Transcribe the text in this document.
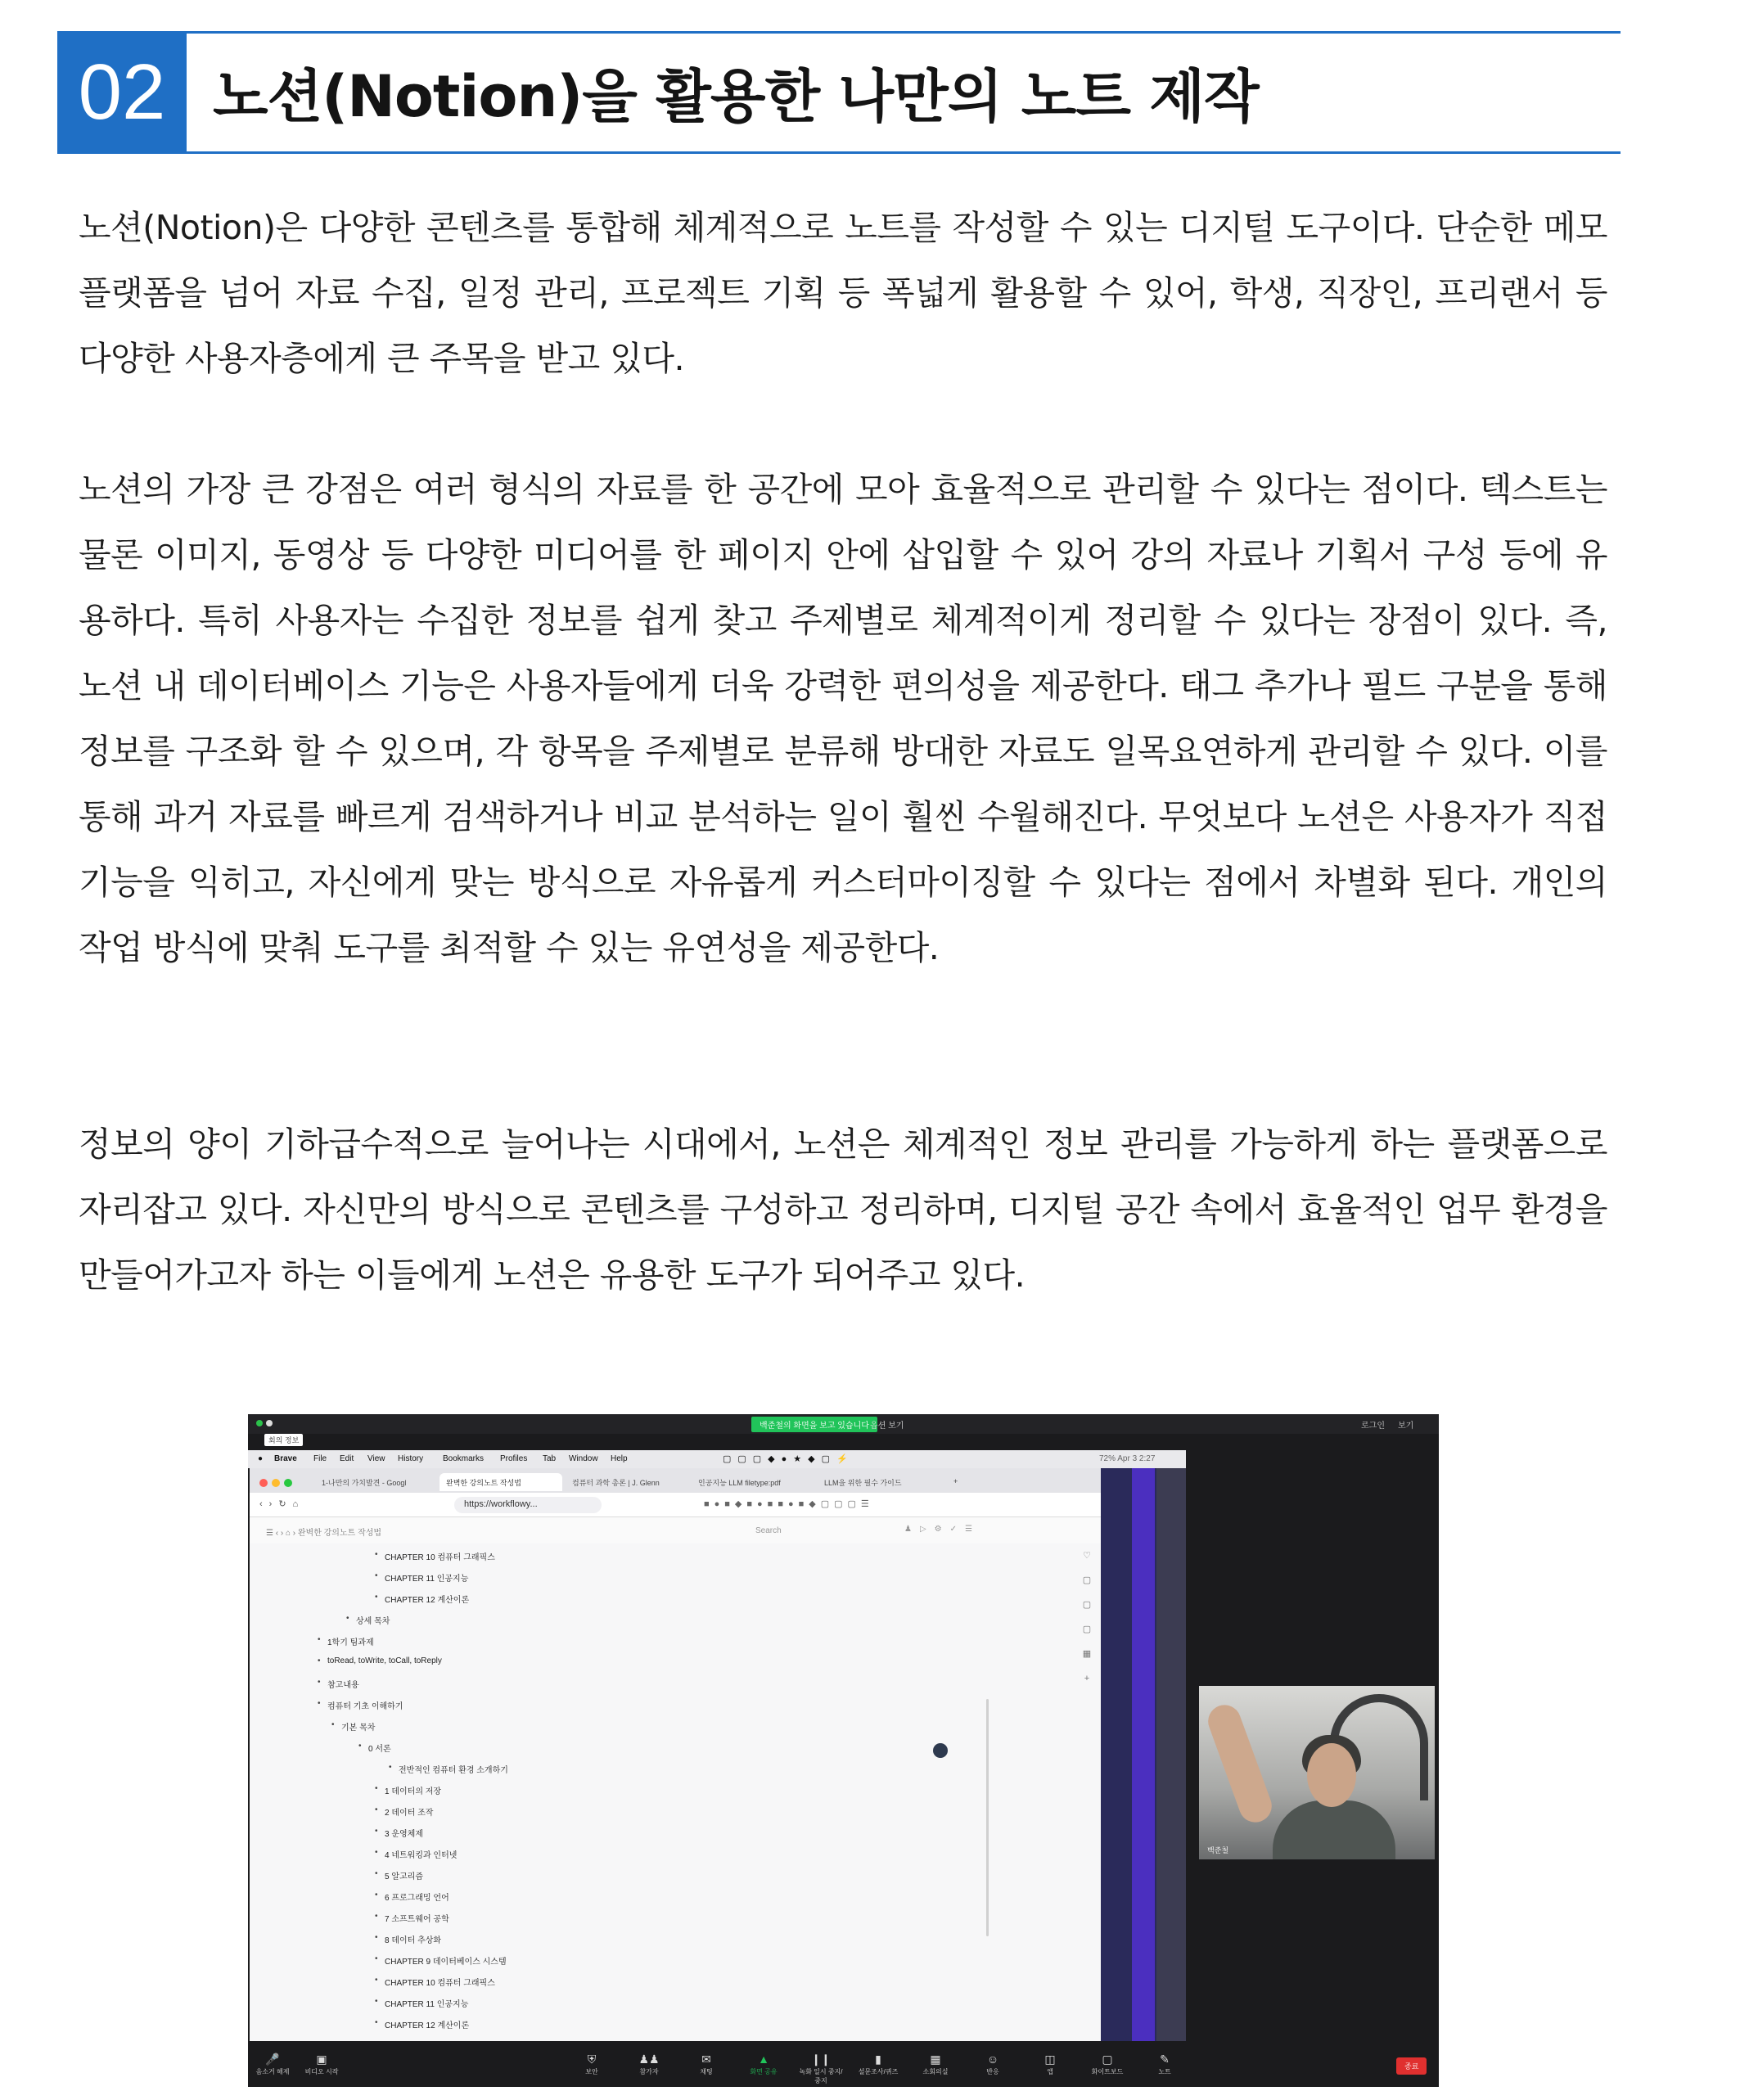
02 노션(Notion)을 활용한 나만의 노트 제작

노션(Notion)은 다양한 콘텐츠를 통합해 체계적으로 노트를 작성할 수 있는 디지털 도구이다. 단순한 메모 플랫폼을 넘어 자료 수집, 일정 관리, 프로젝트 기획 등 폭넓게 활용할 수 있어, 학생, 직장인, 프리랜서 등 다양한 사용자층에게 큰 주목을 받고 있다.

노션의 가장 큰 강점은 여러 형식의 자료를 한 공간에 모아 효율적으로 관리할 수 있다는 점이다. 텍스트는 물론 이미지, 동영상 등 다양한 미디어를 한 페이지 안에 삽입할 수 있어 강의 자료나 기획서 구성 등에 유용하다. 특히 사용자는 수집한 정보를 쉽게 찾고 주제별로 체계적이게 정리할 수 있다는 장점이 있다. 즉, 노션 내 데이터베이스 기능은 사용자들에게 더욱 강력한 편의성을 제공한다. 태그 추가나 필드 구분을 통해 정보를 구조화 할 수 있으며, 각 항목을 주제별로 분류해 방대한 자료도 일목요연하게 관리할 수 있다. 이를 통해 과거 자료를 빠르게 검색하거나 비교 분석하는 일이 훨씬 수월해진다. 무엇보다 노션은 사용자가 직접 기능을 익히고, 자신에게 맞는 방식으로 자유롭게 커스터마이징할 수 있다는 점에서 차별화 된다. 개인의 작업 방식에 맞춰 도구를 최적할 수 있는 유연성을 제공한다.

정보의 양이 기하급수적으로 늘어나는 시대에서, 노션은 체계적인 정보 관리를 가능하게 하는 플랫폼으로 자리잡고 있다. 자신만의 방식으로 콘텐츠를 구성하고 정리하며, 디지털 공간 속에서 효율적인 업무 환경을 만들어가고자 하는 이들에게 노션은 유용한 도구가 되어주고 있다.

백준철의 화면을 보고 있습니다 옵션 보기	로그인 보기
회의 정보
● Brave File Edit View History Bookmarks Profiles Tab Window Help	▢▢▢◆●★◆▢⚡	72% Apr 3 2:27
1-나만의 가치발견 - Googl	완벽한 강의노트 작성법	컴퓨터 과학 총론 | J. Glenn	인공지능 LLM filetype:pdf	LLM을 위한 필수 가이드	+
‹›↻⌂	https://workflowy...	■●■◆■●■■●■◆▢▢▢☰
☰ ‹ › ⌂ › 완벽한 강의노트 작성법	Search	♟▷⚙✓☰
• CHAPTER 10 컴퓨터 그래픽스
• CHAPTER 11 인공지능
• CHAPTER 12 계산이론
• 상세 목차
• 1학기 팀과제
• toRead, toWrite, toCall, toReply
• 참고내용
• 컴퓨터 기초 이해하기
• 기본 목차
• 0 서론
• 전반적인 컴퓨터 환경 소개하기
• 1 데이터의 저장
• 2 데이터 조작
• 3 운영체제
• 4 네트워킹과 인터넷
• 5 알고리즘
• 6 프로그래밍 언어
• 7 소프트웨어 공학
• 8 데이터 추상화
• CHAPTER 9 데이터베이스 시스템
• CHAPTER 10 컴퓨터 그래픽스
• CHAPTER 11 인공지능
• CHAPTER 12 계산이론
♡
▢
▢
▢
▦
+
백준철
🎤
음소거 해제
▣
비디오 시작
⛨
보안
♟♟
참가자
✉
채팅
▲
화면 공유
❙❙
녹화 일시 중지/중지
▮
설문조사/퀴즈
▦
소회의실
☺
반응
◫
앱
▢
화이트보드
✎
노트
종료
